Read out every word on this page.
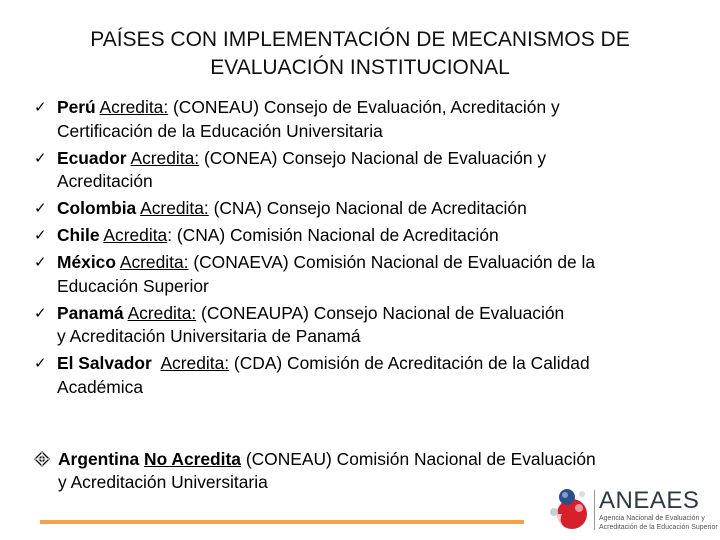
PAÍSES CON IMPLEMENTACIÓN DE MECANISMOS DE
EVALUACIÓN INSTITUCIONAL
✓ Perú Acredita: (CONEAU) Consejo de Evaluación, Acreditación y
Certificación de la Educación Universitaria
✓ Ecuador Acredita: (CONEA) Consejo Nacional de Evaluación y
Acreditación
✓ Colombia Acredita: (CNA) Consejo Nacional de Acreditación
✓ Chile Acredita: (CNA) Comisión Nacional de Acreditación
✓ México Acredita: (CONAEVA) Comisión Nacional de Evaluación de la
Educación Superior
✓ Panamá Acredita: (CONEAUPA) Consejo Nacional de Evaluación
y Acreditación Universitaria de Panamá
✓ El Salvador Acredita: (CDA) Comisión de Acreditación de la Calidad
Académica
Argentina No Acredita (CONEAU) Comisión Nacional de Evaluación
y Acreditación Universitaria
ANEAES
Agencia Nacional de Evaluación y
Acreditación de la Educación Superior
